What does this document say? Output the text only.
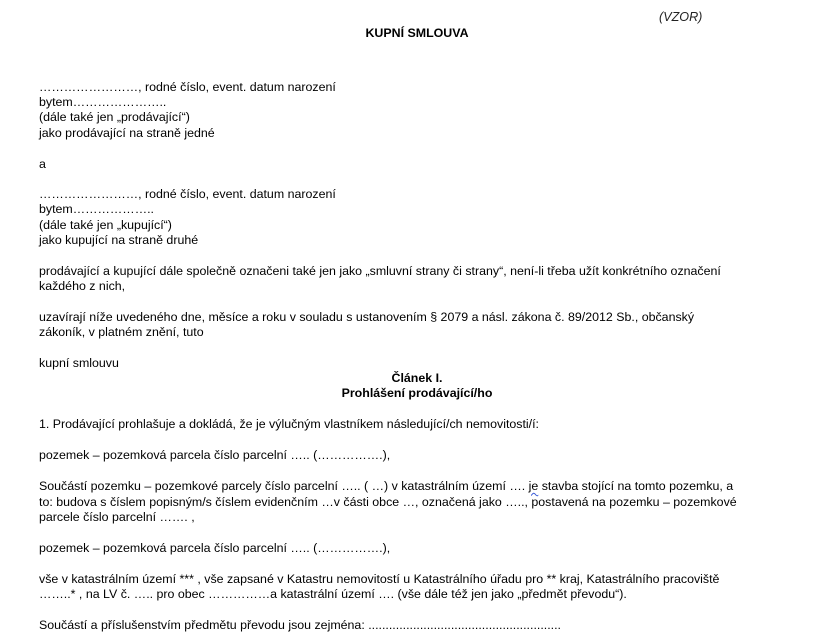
(VZOR)
KUPNÍ SMLOUVA
……………………, rodné číslo, event. datum narození
bytem…………………..
(dále také jen „prodávající“)
jako prodávající na straně jedné
a
……………………, rodné číslo, event. datum narození
bytem………………..
(dále také jen „kupující“)
jako kupující na straně druhé
prodávající a kupující dále společně označeni také jen jako „smluvní strany či strany“, není-li třeba užít konkrétního označení
každého z nich,
uzavírají níže uvedeného dne, měsíce a roku v souladu s ustanovením § 2079 a násl. zákona č. 89/2012 Sb., občanský
zákoník, v platném znění, tuto
kupní smlouvu
Článek I.
Prohlášení prodávající/ho
1. Prodávající prohlašuje a dokládá, že je výlučným vlastníkem následující/ch nemovitosti/í:
pozemek – pozemková parcela číslo parcelní ….. (…………….),
Součástí pozemku – pozemkové parcely číslo parcelní ….. ( …) v katastrálním území …. je stavba stojící na tomto pozemku, a
to: budova s číslem popisným/s číslem evidenčním …v části obce …, označená jako ….., postavená na pozemku – pozemkové
parcele číslo parcelní ……. ,
pozemek – pozemková parcela číslo parcelní ….. (…………….),
vše v katastrálním území *** , vše zapsané v Katastru nemovitostí u Katastrálního úřadu pro ** kraj, Katastrálního pracoviště
……..* , na LV č. ….. pro obec ……………a katastrální území …. (vše dále též jen jako „předmět převodu“).
Součástí a příslušenstvím předmětu převodu jsou zejména: ........................................................
